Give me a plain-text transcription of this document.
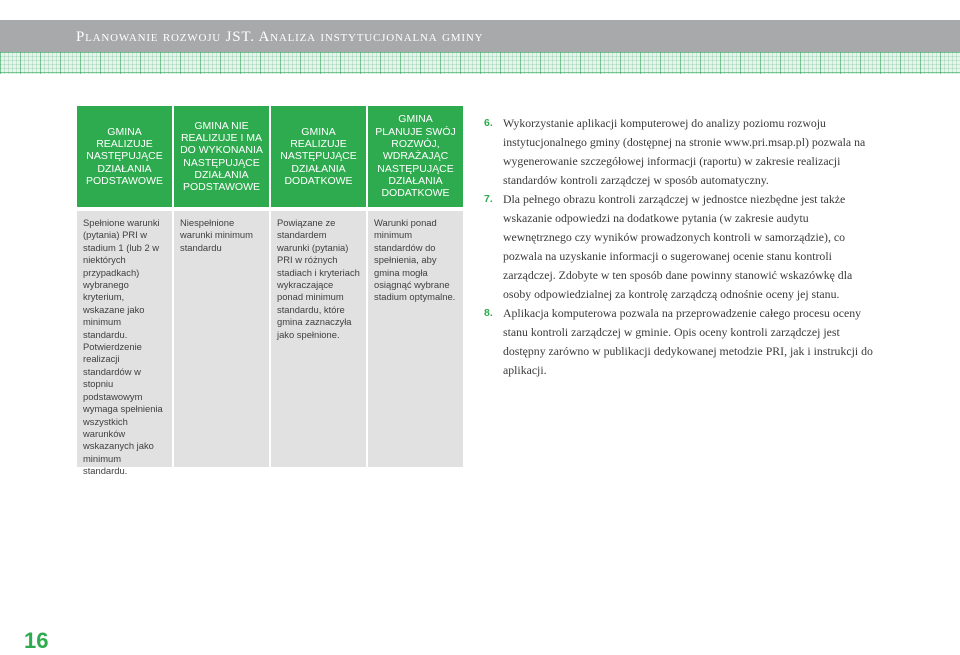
Planowanie rozwoju JST. Analiza instytucjonalna gminy
GMINA REALIZUJE NASTĘPUJĄCE DZIAŁANIA PODSTAWOWE

Spełnione warunki (pytania) PRI w stadium 1 (lub 2 w niektórych przypadkach) wybranego kryterium, wskazane jako minimum standardu.

Potwierdzenie realizacji standardów w stopniu podstawowym wymaga spełnienia wszystkich warunków wskazanych jako minimum standardu.

GMINA NIE REALIZUJE I MA DO WYKONANIA NASTĘPUJĄCE DZIAŁANIA PODSTAWOWE

Niespełnione warunki minimum standardu

GMINA REALIZUJE NASTĘPUJĄCE DZIAŁANIA DODATKOWE

Powiązane ze standardem warunki (pytania) PRI w różnych stadiach i kryteriach wykraczające ponad minimum standardu, które gmina zaznaczyła jako spełnione.

GMINA PLANUJE SWÓJ ROZWÓJ, WDRAŻAJĄC NASTĘPUJĄCE DZIAŁANIA DODATKOWE

Warunki ponad minimum standardów do spełnienia, aby gmina mogła osiągnąć wybrane stadium optymalne.

6. Wykorzystanie aplikacji komputerowej do analizy poziomu rozwoju instytucjonalnego gminy (dostępnej na stronie www.pri.msap.pl) pozwala na wygenerowanie szczegółowej informacji (raportu) w zakresie realizacji standardów kontroli zarządczej w sposób automatyczny.
7. Dla pełnego obrazu kontroli zarządczej w jednostce niezbędne jest także wskazanie odpowiedzi na dodatkowe pytania (w zakresie audytu wewnętrznego czy wyników prowadzonych kontroli w samorządzie), co pozwala na uzyskanie informacji o sugerowanej ocenie stanu kontroli zarządczej. Zdobyte w ten sposób dane powinny stanowić wskazówkę dla osoby odpowiedzialnej za kontrolę zarządczą odnośnie oceny jej stanu.
8. Aplikacja komputerowa pozwala na przeprowadzenie całego procesu oceny stanu kontroli zarządczej w gminie. Opis oceny kontroli zarządczej jest dostępny zarówno w publikacji dedykowanej metodzie PRI, jak i instrukcji do aplikacji.
16
